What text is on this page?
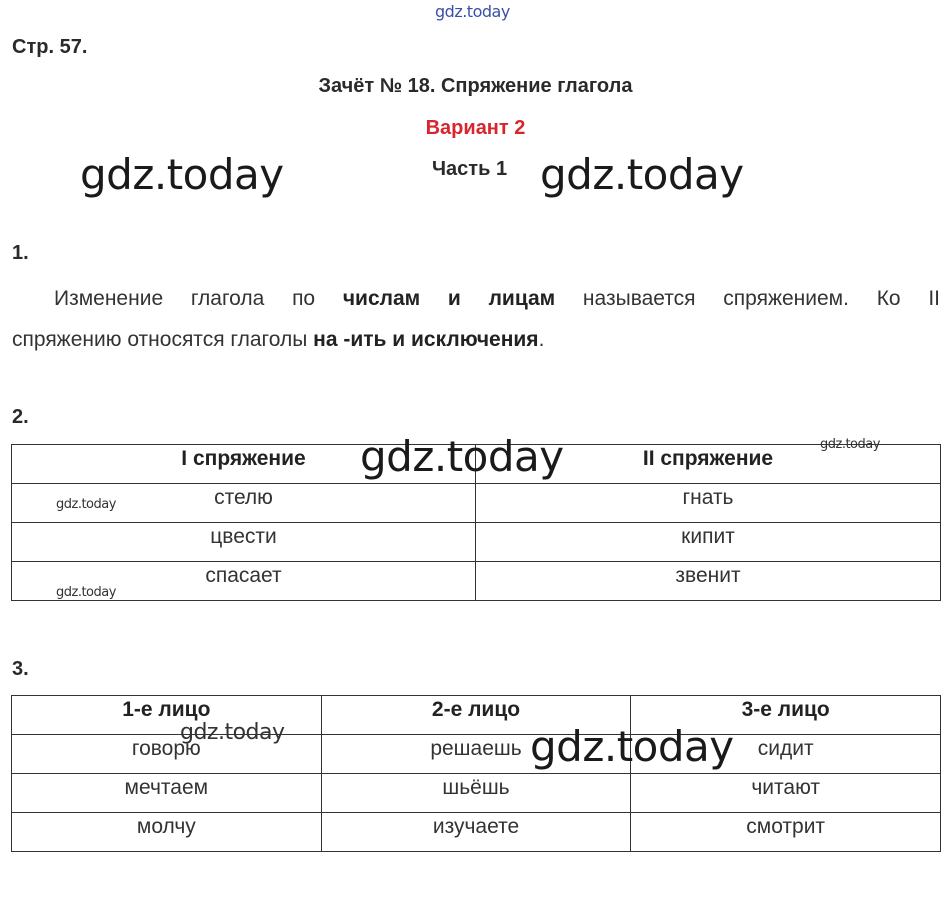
gdz.today
Стр. 57.
Зачёт № 18. Спряжение глагола
Вариант 2
Часть 1
gdz.today	gdz.today
1.
Изменение глагола по числам и лицам называется спряжением. Ко II
спряжению относятся глаголы на -ить и исключения.
2.
I спряжение	II спряжение
стелю	гнать
цвести	кипит
спасает	звенит
gdz.today	gdz.today
gdz.today
gdz.today
3.
1-е лицо	2-е лицо	3-е лицо
говорю	решаешь	сидит
мечтаем	шьёшь	читают
молчу	изучаете	смотрит
gdz.today	gdz.today
